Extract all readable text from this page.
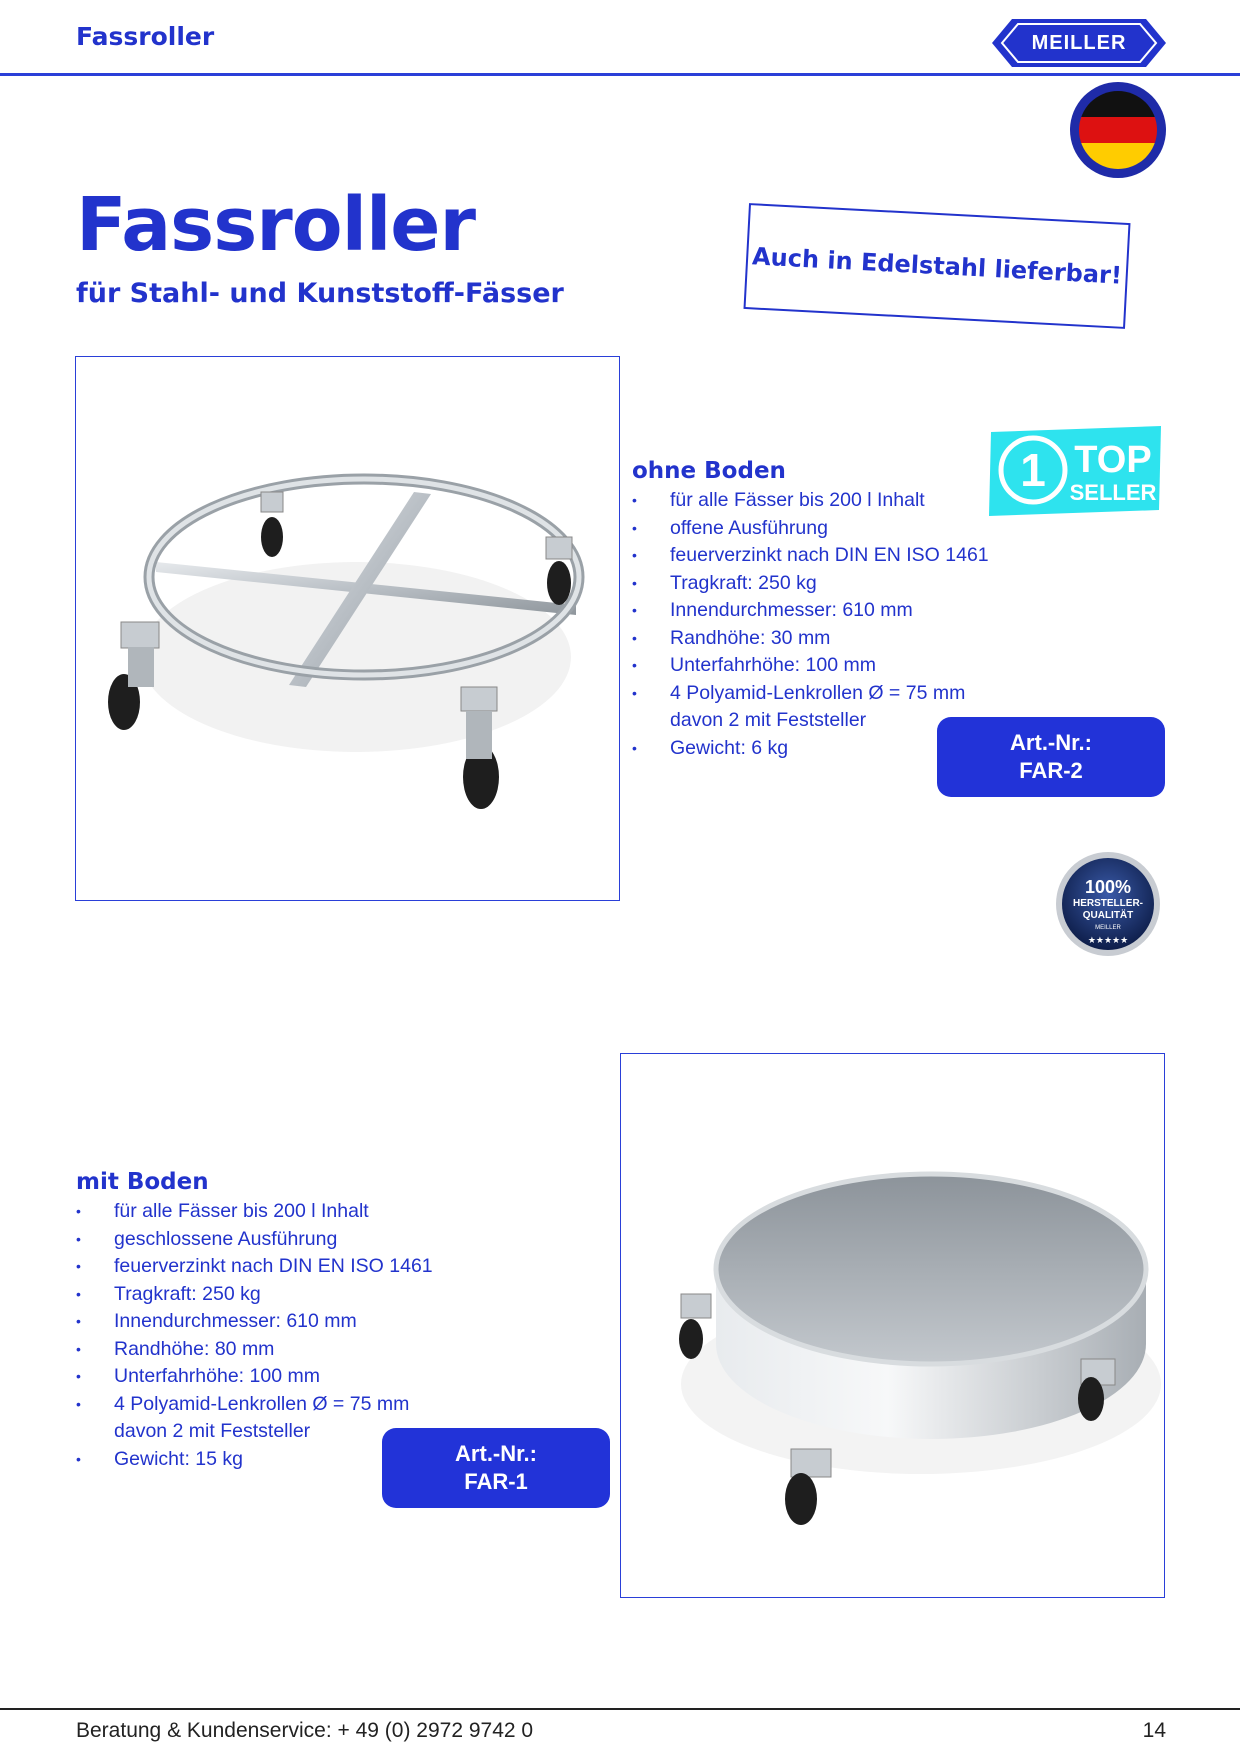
Fassroller	MEILLER
Fassroller
für Stahl- und Kunststoff-Fässer
Auch in Edelstahl lieferbar!
ohne Boden
• für alle Fässer bis 200 l Inhalt
• offene Ausführung
• feuerverzinkt nach DIN EN ISO 1461
• Tragkraft: 250 kg
• Innendurchmesser: 610 mm
• Randhöhe: 30 mm
• Unterfahrhöhe: 100 mm
• 4 Polyamid-Lenkrollen Ø = 75 mm davon 2 mit Feststeller
• Gewicht: 6 kg	Art.-Nr.:
FAR-2
1 TOP
SELLER
100%
HERSTELLER-
QUALITÄT
MEILLER
★★★★★
mit Boden
• für alle Fässer bis 200 l Inhalt
• geschlossene Ausführung
• feuerverzinkt nach DIN EN ISO 1461
• Tragkraft: 250 kg
• Innendurchmesser: 610 mm
• Randhöhe: 80 mm
• Unterfahrhöhe: 100 mm
• 4 Polyamid-Lenkrollen Ø = 75 mm davon 2 mit Feststeller
• Gewicht: 15 kg	Art.-Nr.:
FAR-1
Beratung & Kundenservice: + 49 (0) 2972 9742 0	14
